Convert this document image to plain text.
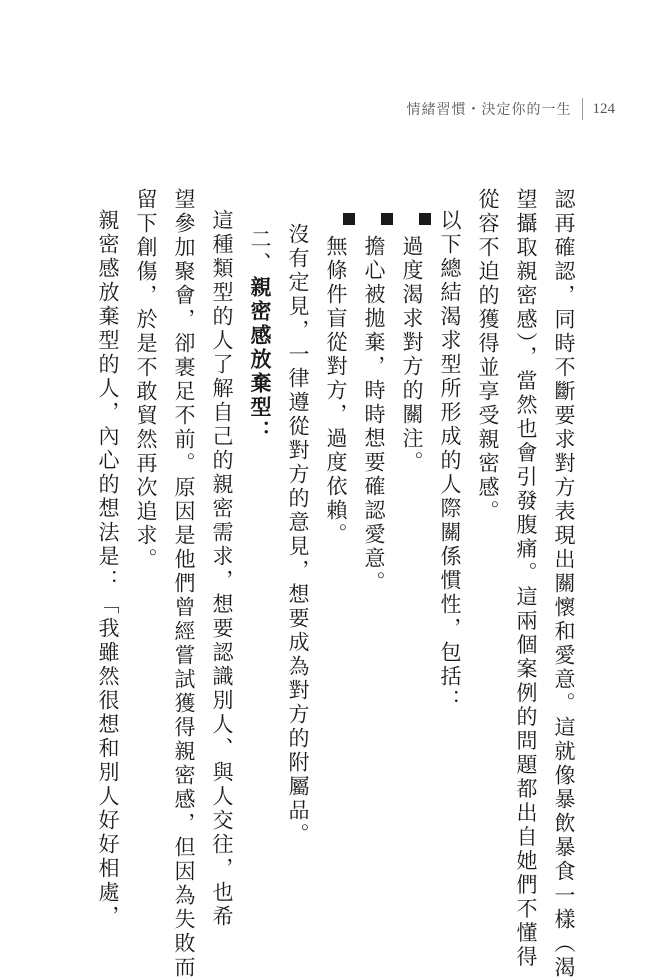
情緒習慣・決定你的一生 124
認再確認，同時不斷要求對方表現出關懷和愛意。這就像暴飲暴食一樣（渴
望攝取親密感），當然也會引發腹痛。這兩個案例的問題都出自她們不懂得
從容不迫的獲得並享受親密感。
以下總結渴求型所形成的人際關係慣性，包括：
過度渴求對方的關注。
擔心被拋棄，時時想要確認愛意。
無條件盲從對方，過度依賴。
沒有定見，一律遵從對方的意見，想要成為對方的附屬品。
二、親密感放棄型：
這種類型的人了解自己的親密需求，想要認識別人、與人交往，也希
望參加聚會，卻裹足不前。原因是他們曾經嘗試獲得親密感，但因為失敗而
留下創傷，於是不敢貿然再次追求。
親密感放棄型的人，內心的想法是：「我雖然很想和別人好好相處，
